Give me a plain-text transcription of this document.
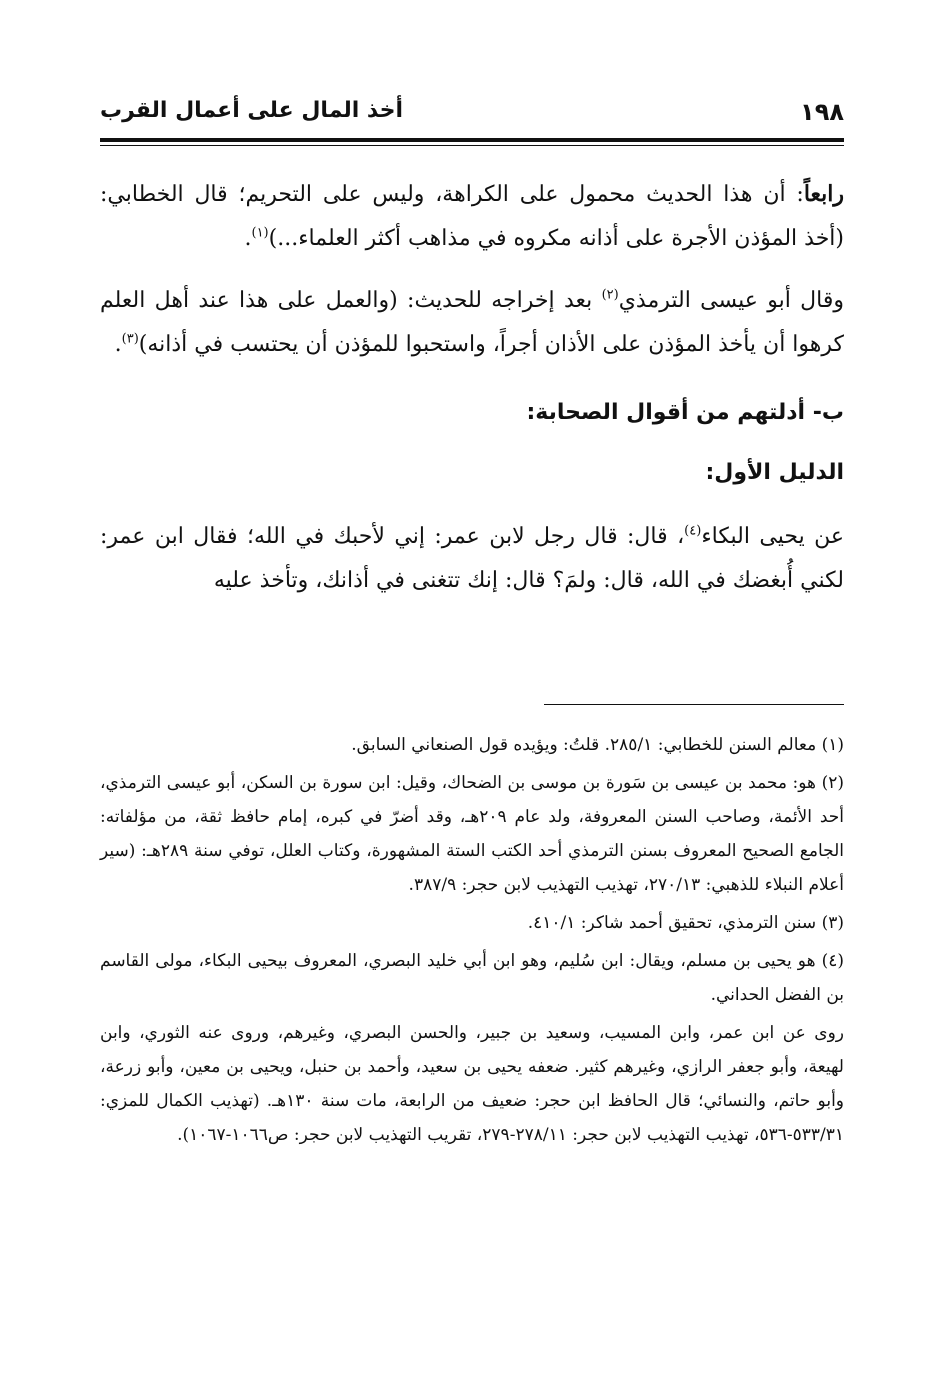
١٩٨
أخذ المال على أعمال القرب

رابعاً: أن هذا الحديث محمول على الكراهة، وليس على التحريم؛ قال الخطابي: (أخذ المؤذن الأجرة على أذانه مكروه في مذاهب أكثر العلماء...)$^{(١)}$.

وقال أبو عيسى الترمذي$^{(٢)}$ بعد إخراجه للحديث: (والعمل على هذا عند أهل العلم كرهوا أن يأخذ المؤذن على الأذان أجراً، واستحبوا للمؤذن أن يحتسب في أذانه)$^{(٣)}$.

ب- أدلتهم من أقوال الصحابة:

الدليل الأول:

عن يحيى البكاء$^{(٤)}$، قال: قال رجل لابن عمر: إني لأحبك في الله؛ فقال ابن عمر: لكني أُبغضك في الله، قال: ولمَ؟ قال: إنك تتغنى في أذانك، وتأخذ عليه

(١) معالم السنن للخطابي: ٢٨٥/١. قلتُ: ويؤيده قول الصنعاني السابق.

(٢) هو: محمد بن عيسى بن سَورة بن موسى بن الضحاك، وقيل: ابن سورة بن السكن، أبو عيسى الترمذي، أحد الأئمة، وصاحب السنن المعروفة، ولد عام ٢٠٩هـ، وقد أضرّ في كبره، إمام حافظ ثقة، من مؤلفاته: الجامع الصحيح المعروف بسنن الترمذي أحد الكتب الستة المشهورة، وكتاب العلل، توفي سنة ٢٨٩هـ: (سير أعلام النبلاء للذهبي: ٢٧٠/١٣، تهذيب التهذيب لابن حجر: ٣٨٧/٩.

(٣) سنن الترمذي، تحقيق أحمد شاكر: ٤١٠/١.

(٤) هو يحيى بن مسلم، ويقال: ابن سُليم، وهو ابن أبي خليد البصري، المعروف بيحيى البكاء، مولى القاسم بن الفضل الحداني.

روى عن ابن عمر، وابن المسيب، وسعيد بن جبير، والحسن البصري، وغيرهم، وروى عنه الثوري، وابن لهيعة، وأبو جعفر الرازي، وغيرهم كثير. ضعفه يحيى بن سعيد، وأحمد بن حنبل، ويحيى بن معين، وأبو زرعة، وأبو حاتم، والنسائي؛ قال الحافظ ابن حجر: ضعيف من الرابعة، مات سنة ١٣٠هـ. (تهذيب الكمال للمزي: ٥٣٣/٣١-٥٣٦، تهذيب التهذيب لابن حجر: ٢٧٨/١١-٢٧٩، تقريب التهذيب لابن حجر: ص١٠٦٦-١٠٦٧).
